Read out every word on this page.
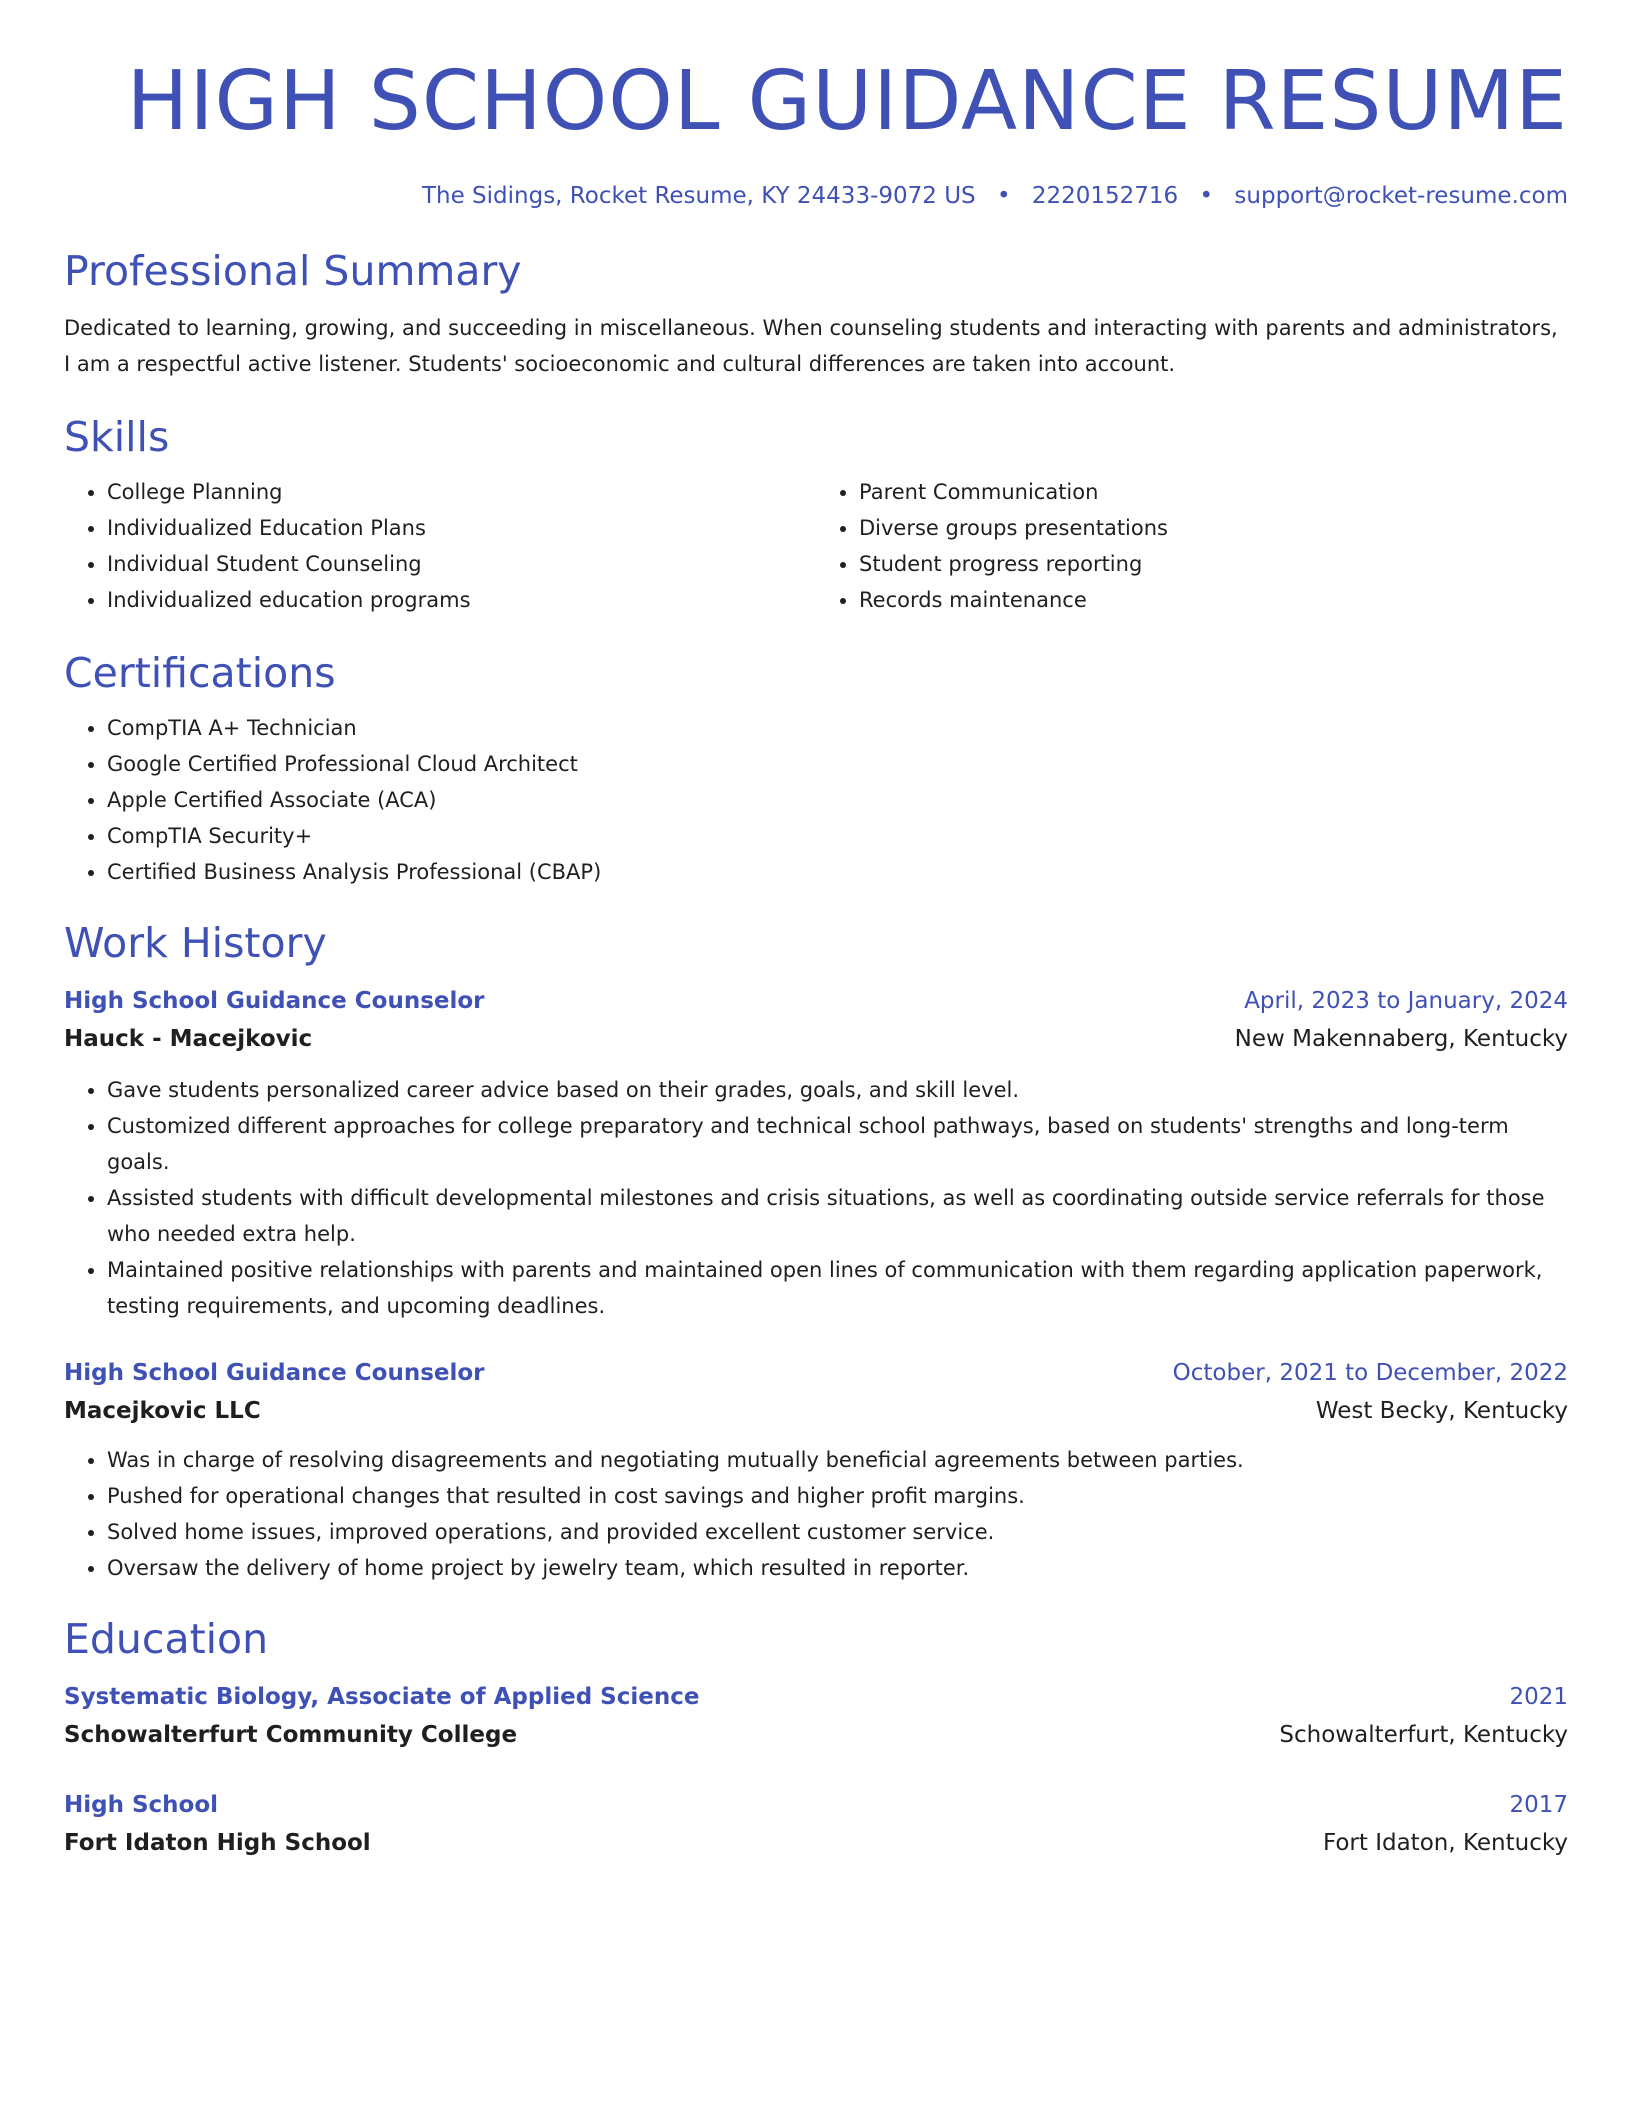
HIGH SCHOOL GUIDANCE RESUME
The Sidings, Rocket Resume, KY 24433-9072 US • 2220152716 • support@rocket-resume.com
Professional Summary

Dedicated to learning, growing, and succeeding in miscellaneous. When counseling students and interacting with parents and administrators, I am a respectful active listener. Students' socioeconomic and cultural differences are taken into account.

Skills
• College Planning
• Individualized Education Plans
• Individual Student Counseling
• Individualized education programs
• Parent Communication
• Diverse groups presentations
• Student progress reporting
• Records maintenance
Certifications
• CompTIA A+ Technician
• Google Certified Professional Cloud Architect
• Apple Certified Associate (ACA)
• CompTIA Security+
• Certified Business Analysis Professional (CBAP)
Work History
High School Guidance Counselor	April, 2023 to January, 2024
Hauck - Macejkovic	New Makennaberg, Kentucky
• Gave students personalized career advice based on their grades, goals, and skill level.
• Customized different approaches for college preparatory and technical school pathways, based on students' strengths and long-term goals.
• Assisted students with difficult developmental milestones and crisis situations, as well as coordinating outside service referrals for those who needed extra help.
• Maintained positive relationships with parents and maintained open lines of communication with them regarding application paperwork, testing requirements, and upcoming deadlines.
High School Guidance Counselor	October, 2021 to December, 2022
Macejkovic LLC	West Becky, Kentucky
• Was in charge of resolving disagreements and negotiating mutually beneficial agreements between parties.
• Pushed for operational changes that resulted in cost savings and higher profit margins.
• Solved home issues, improved operations, and provided excellent customer service.
• Oversaw the delivery of home project by jewelry team, which resulted in reporter.
Education
Systematic Biology, Associate of Applied Science	2021
Schowalterfurt Community College	Schowalterfurt, Kentucky
High School	2017
Fort Idaton High School	Fort Idaton, Kentucky
